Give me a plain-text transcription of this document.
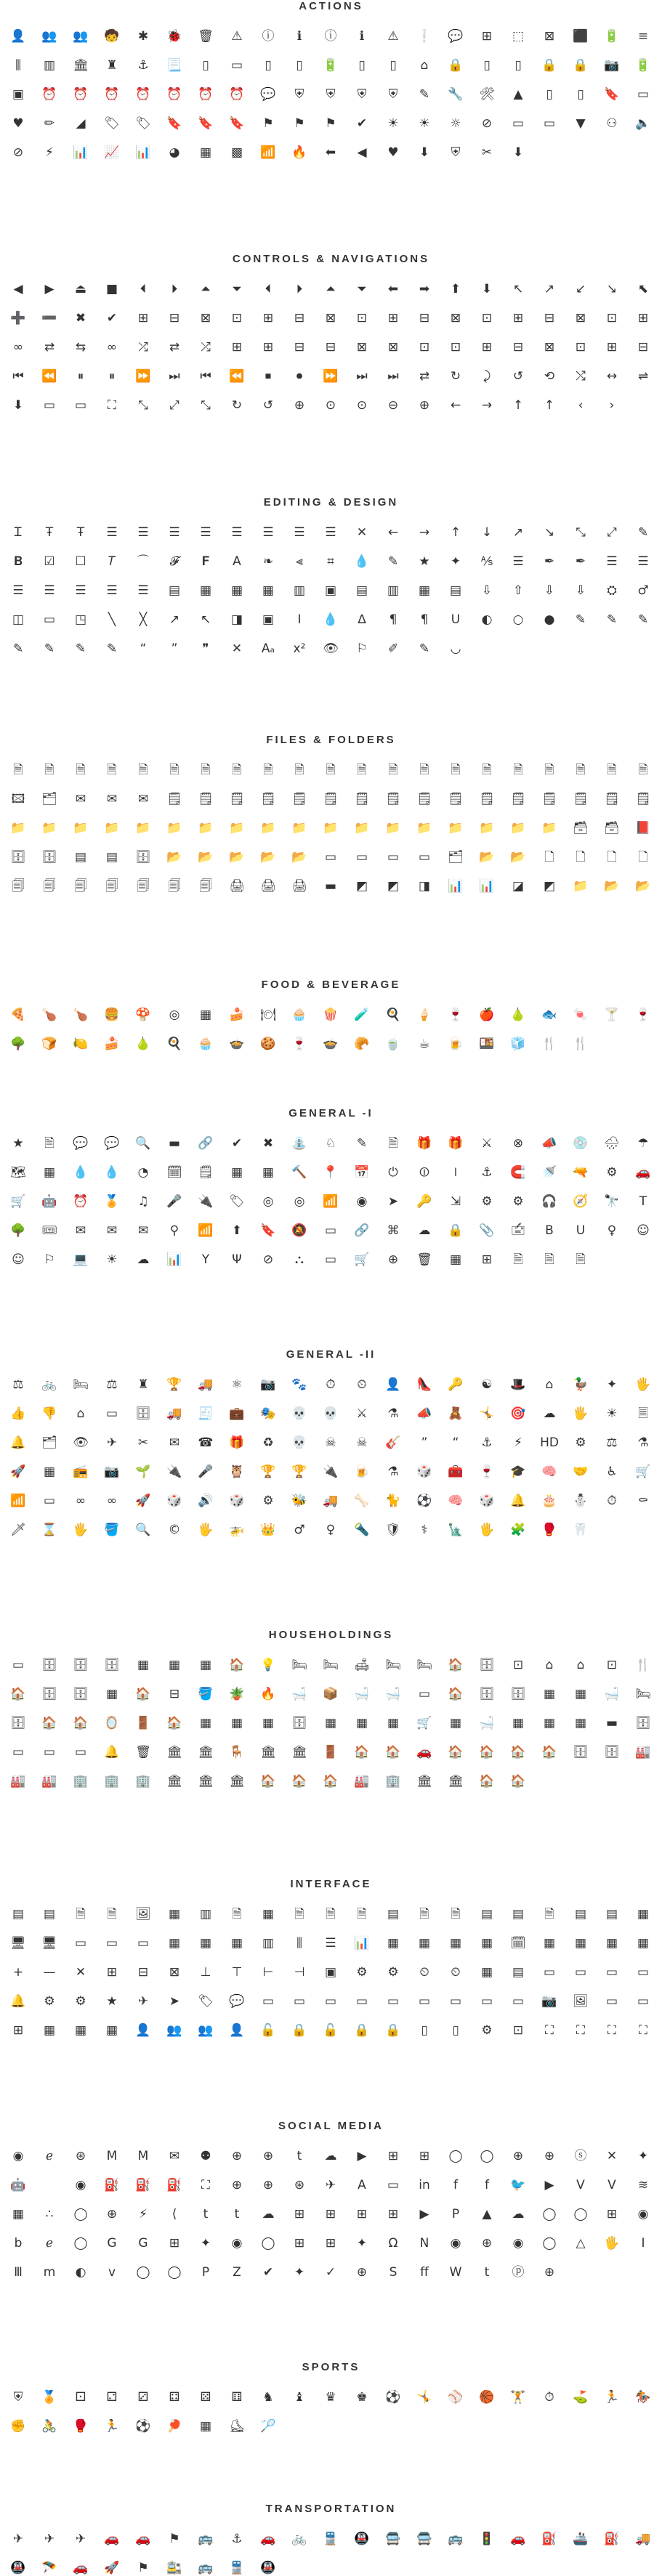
ACTIONS
👤 👥 👥 🧒 ✱ 🐞 🗑 ⚠ ⓘ	ℹ	ⓘ	ℹ	⚠ ❕ 💬 ⊞ ⬚ ⊠ ⬛ 🔋 ≡
⫼	▥ 🏛 ♜ ⚓ 📃	▯	▭	▯	▯	🔋	▯	▯	⌂	🔒	▯	▯	🔒 🔒 📷 🔋
▣ ⏰ ⏰ ⏰ ⏰ ⏰ ⏰ ⏰ 💬 ⛨ ⛨ ⛨ ⛨ ✎ 🔧 🛠 ▲	▯	▯	🔖 ▭
♥ ✏ ◢ 🏷 🏷 🔖 🔖 🔖 ⚑ ⚑ ⚑ ✔ ☀ ☀ ☼ ⊘ ▭ ▭ ▼ ⚇ 🔈
⊘ ⚡ 📊 📈 📊 ◕ ▦ ▩ 📶 🔥 ⬅ ◀ ♥ ⬇ ⛨ ✂ ⬇
CONTROLS & NAVIGATIONS
◀ ▶ ⏏ ■	⏴	⏵	⏶ ⏷	⏴	⏵	⏶ ⏷ ⬅ ➡ ⬆ ⬇ ↖ ↗ ↙ ↘ ⬉
➕ ➖ ✖ ✔ ⊞ ⊟ ⊠ ⊡ ⊞ ⊟ ⊠ ⊡ ⊞ ⊟ ⊠ ⊡ ⊞ ⊟ ⊠ ⊡ ⊞
∞ ⇄ ⇆ ∞ ⤮ ⇄ ⤮ ⊞ ⊞ ⊟ ⊟ ⊠ ⊠ ⊡ ⊡ ⊞ ⊟ ⊠ ⊡ ⊞ ⊟
⏮ ⏪	⏸	⏸	⏩ ⏭ ⏮ ⏪	⏹	⏺	⏩ ⏭ ⏭ ⇄ ↻	⤸	↺ ⟲ ⤭ ↔ ⇌
⬇ ▭ ▭ ⛶ ⤡ ⤢ ⤡ ↻ ↺ ⊕ ⊙ ⊙ ⊖ ⊕ ← → ↑ ↑	‹	›
EDITING & DESIGN
Ꮖ	Ŧ	Ŧ	☰ ☰ ☰ ☰ ☰ ☰ ☰ ☰ ✕ ← → ↑ ↓ ↗ ↘ ⤡ ⤢ ✎
𝐁 ☑ ☐	𝑇	⌒ 𝓕	𝐅	A	❧	⫷	⌗	💧 ✎ ★ ✦ ⅍ ☰ ✒ ✒ ☰ ☰
☰ ☰ ☰ ☰ ☰ ▤ ▦ ▦ ▦ ▥ ▣ ▤ ▥ ▦ ▤ ⇩ ⇧ ⇩ ⇩ ⛭ ♂
◫ ▭ ◳	╲	╳	↗ ↖ ◨ ▣	I	💧	∆	¶	¶	U ◐ ○ ● ✎ ✎ ✎
✎ ✎ ✎ ✎	“	”	❞	✕ Aₐ x² 👁 ⚐ ✐ ✎ ◡
FILES & FOLDERS
🗎 🗎 🗎 🗎 🗎 🗎 🗎 🗎 🗎 🗎 🗎 🗎 🗎 🗎 🗎 🗎 🗎 🗎 🗎 🗎 🗎
🖾 🗂 ✉ ✉ ✉ 🗒 🗒 🗒 🗒 🗒 🗒 🗒 🗒 🗒 🗒 🗒 🗒 🗒 🗒 🗒 🗒
📁 📁 📁 📁 📁 📁 📁 📁 📁 📁 📁 📁 📁 📁 📁 📁 📁 📁 🗃 🗃 📕
🗄 🗄 ▤ ▤ 🗄 📂 📂 📂 📂 📂 ▭ ▭ ▭ ▭ 🗂 📂 📂 🗋 🗋 🗋 🗋
🗐 🗐 🗐 🗐 🗐 🗐 🗐 🖨 🖨 🖨 ▬ ◩ ◩ ◨ 📊 📊 ◪ ◩ 📁 📂 📂
FOOD & BEVERAGE
🍕 🍗 🍗 🍔 🍄 ◎ ▦ 🍰 🍽 🧁 🍿 🧪 🍳 🍦 🍷 🍎 🍐 🐟 🍬 🍸 🍷
🌳 🍞 🍋 🍰 🍐 🍳 🧁 🍲 🍪 🍷 🍲 🥐 🍵 ☕ 🍺 🍱 🧊 🍴 🍴
GENERAL -I
★ 🗎 💬 💬 🔍 ▬ 🔗 ✔ ✖ ⛲ ♘ ✎ 🗎 🎁 🎁 ⚔ ⊗ 📣 💿 🌧 ☂
🗺 ▦ 💧 💧 ◔ 🗓 🗒 ▦ ▦ 🔨 📍 📅 ⏻ ⏼ ⏽ ⚓ 🧲 🚿 🔫 ⚙ 🚗
🛒 🤖 ⏰ 🏅 ♫ 🎤 🔌 🏷 ◎ ◎ 📶 ◉ ➤ 🔑 ⇲ ⚙ ⚙ 🎧 🧭 🔭	T
🌳 🎟 ✉ ✉ ✉ ⚲ 📶 ⬆ 🔖 🔕 ▭ 🔗 ⌘ ☁ 🔒 📎 🖆	B	U ♀ ☺
☺ ⚐ 💻 ☀ ☁ 📊	Y	Ψ ⊘ ⛬ ▭ 🛒 ⊕ 🗑 ▦ ⊞ 🗎 🗎 🗎
GENERAL -II
⚖ 🚲 🛏 ⚖ ♜ 🏆 🚚 ⚛ 📷 🐾 ⏱ ⏲ 👤 👠 🔑 ☯ 🎩	⌂	🦆 ✦ 🖐
👍 👎	⌂	▭ 🗄 🚚 🧾 💼 🎭 💀 💀 ⚔ ⚗ 📣 🧸 🤸 🎯 ☁ 🖐 ☀ 🗏
🔔 🗂 👁 ✈ ✂ ✉ ☎ 🎁 ♻ 💀 ☠ ☠ 🎸	”	“	⚓ ⚡ HD ⚙ ⚖ ⚗
🚀 ▦ 📻 📷 🌱 🔌 🎤 🦉 🏆 🏆 🔌 🍺 ⚗ 🎲 🧰 🍷 🎓 🧠 🤝 ♿ 🛒
📶 ▭ ∞ ∞ 🚀 🎲 🔊 🎲 ⚙ 🐝 🚚 🦴 🐈 ⚽ 🧠 🎲 🔔 🎂 ⛄ ⏱ ⚰
🗡 ⌛ 🖐 🪣 🔍 © 🖐 🚁 👑 ♂ ♀ 🔦 🛡	⚕	🗽 🖐 🧩 🥊 🦷
HOUSEHOLDINGS
▭ 🗄 🗄 🗄 ▦ ▦ ▦ 🏠 💡 🛏 🛏 🛋 🛏 🛏 🏠 🗄 ⊡	⌂	⌂	⊡ 🍴
🏠 🗄 🗄 ▦ 🏠 ⊟ 🪣 🪴 🔥 🛁 📦 🛁 🛁 ▭ 🏠 🗄 🗄 ▦ ▦ 🛁 🛏
🗄 🏠 🏠 🪞 🚪 🏠 ▦ ▦ ▦ 🗄 ▦ ▦ ▦ 🛒 ▦ 🛁 ▦ ▦ ▦ ▬ 🗄
▭ ▭ ▭ 🔔 🗑 🏛 🏛 🪑 🏛 🏛 🚪 🏠 🏠 🚗 🏠 🏠 🏠 🏠 🗄 🗄 🏭
🏭 🏭 🏢 🏢 🏢 🏛 🏛 🏛 🏠 🏠 🏠 🏭 🏢 🏛 🏛 🏠 🏠
INTERFACE
▤ ▤ 🗎 🗎 🖼 ▦ ▥ 🗎 ▦ 🗎 🗎 🗎 ▤ 🗎 🗎 ▤ ▤ 🗎 ▤ ▤ ▦
🖥 🖥 ▭ ▭ ▭ ▦ ▦ ▦ ▥	⫼	☰ 📊 ▦ ▦ ▦ ▦ 🗓 ▦ ▦ ▦ ▦
+ — ✕ ⊞ ⊟ ⊠ ⊥ ⊤ ⊢ ⊣ ▣ ⚙ ⚙ ⏲ ⏲ ▦ ▤ ▭ ▭ ▭ ▭
🔔 ⚙ ⚙ ★ ✈ ➤ 🏷 💬 ▭ ▭ ▭ ▭ ▭ ▭ ▭ ▭ ▭ 📷 🖼 ▭ ▭
⊞ ▦ ▦ ▦ 👤 👥 👥 👤 🔓 🔒 🔓 🔒 🔒	▯	▯	⚙ ⊡ ⛶ ⛶ ⛶ ⛶
SOCIAL MEDIA
◉	ℯ	⊛ M M ✉ ⚉ ⊕ ⊕	t	☁ ▶ ⊞ ⊞ ◯ ◯ ⊕ ⊕ ⓢ ✕ ✦
🤖	◉ ⛽ ⛽ ⛽ ⛶ ⊕ ⊕ ⊛ ✈	A	▭ in	f	f	🐦 ▶	V	V	≋
▦	∴	◯ ⊕ ⚡	⟨	t	t	☁ ⊞ ⊞ ⊞ ⊞ ▶	P	▲ ☁ ◯ ◯ ⊞ ◉
b	ℯ	◯ G G ⊞ ✦ ◉ ◯ ⊞ ⊞ ✦ Ω N ◉ ⊕ ◉ ◯ △ 🖐	I
Ⅲ	m ◐	v	◯ ◯	P	Z	✔ ✦ ✓ ⊕	S	ff	W	t	ⓟ ⊕
SPORTS
⛨ 🏅 ⚀ ⚁ ⚂ ⚃ ⚄ ⚅ ♞ ♝ ♛ ♚ ⚽ 🤸 ⚾ 🏀 🏋 ⏱ ⛳ 🏃 🏇
✊ 🚴 🥊 🏃 ⚽ 🏓 ▦ ⛸ 🏸
TRANSPORTATION
✈ ✈ ✈ 🚗 🚗 ⚑ 🚌 ⚓ 🚗 🚲 🚆 🚇 🚍 🚍 🚌 🚦 🚗 ⛽ 🚢 ⛽ 🚚
🚇 🪂 🚗 🚀 ⚑ 🚉 🚌 🚆 🚇
